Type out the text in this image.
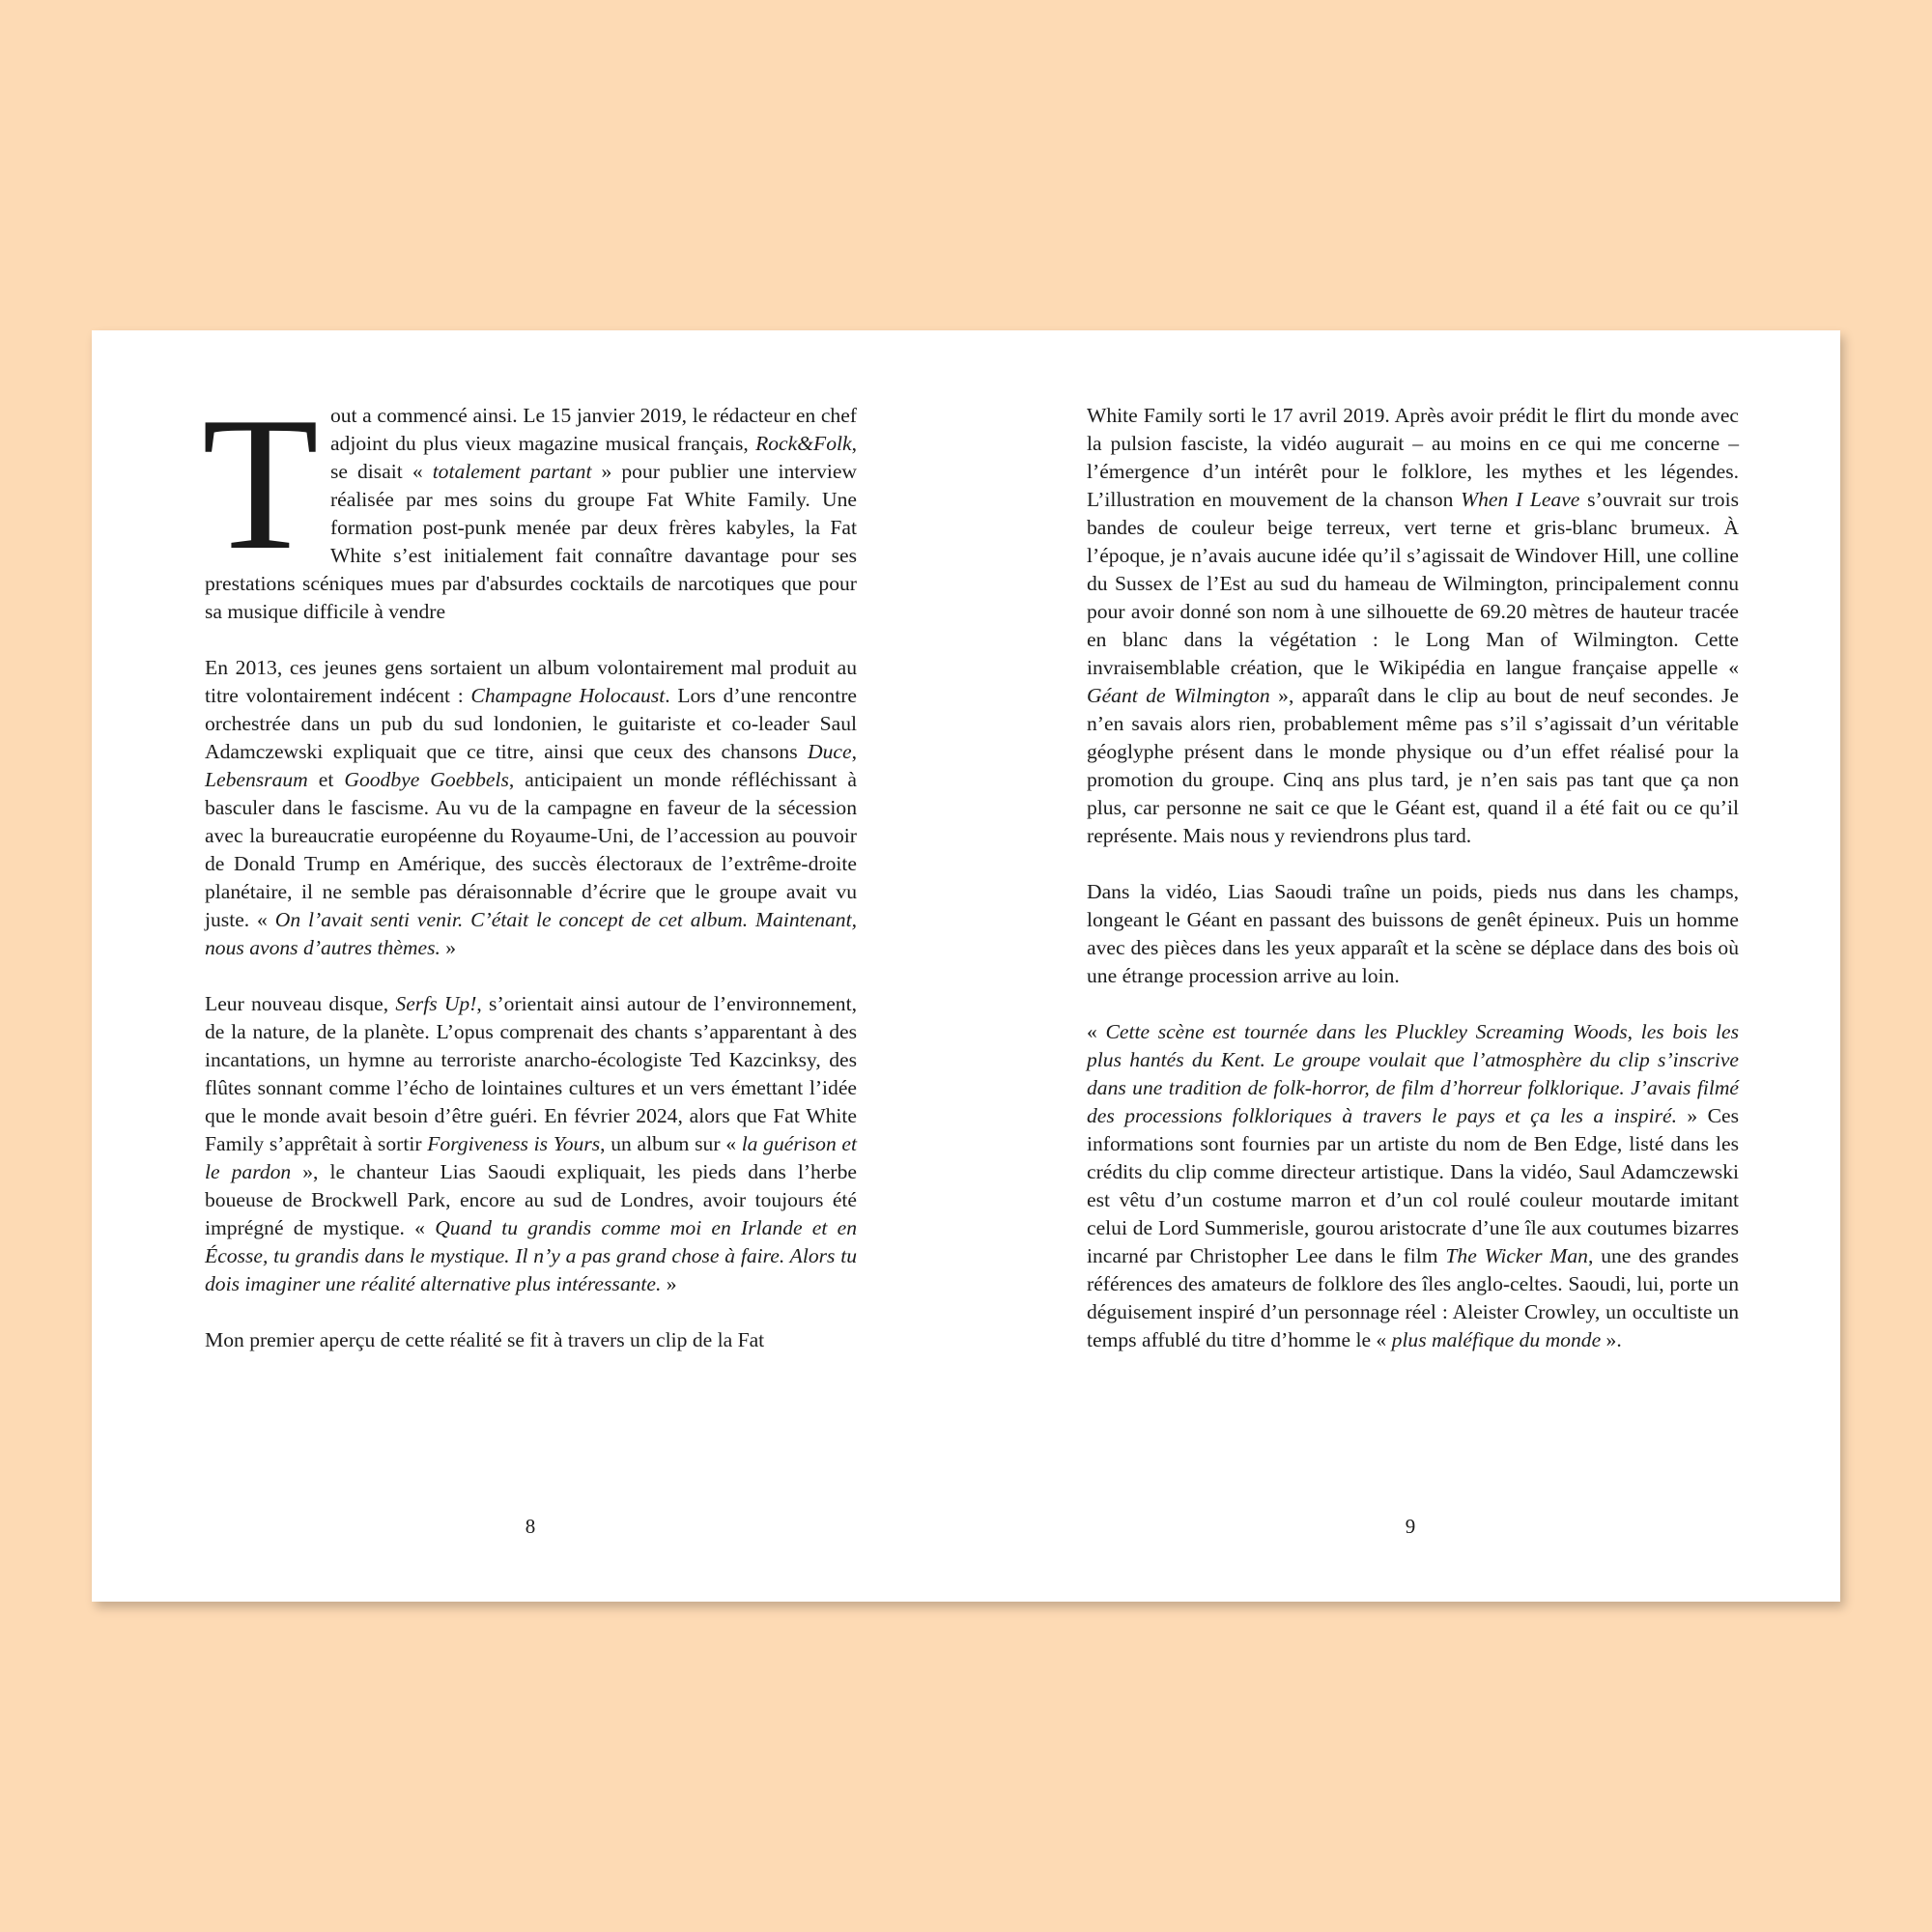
T out a commencé ainsi. Le 15 janvier 2019, le rédacteur en chef adjoint du plus vieux magazine musical français, Rock&Folk, se disait « totalement partant » pour publier une interview réalisée par mes soins du groupe Fat White Family. Une formation post-punk menée par deux frères kabyles, la Fat White s’est initialement fait connaître davantage pour ses prestations scéniques mues par d'absurdes cocktails de narcotiques que pour sa musique difficile à vendre

En 2013, ces jeunes gens sortaient un album volontairement mal produit au titre volontairement indécent : Champagne Holocaust. Lors d’une rencontre orchestrée dans un pub du sud londonien, le guitariste et co-leader Saul Adamczewski expliquait que ce titre, ainsi que ceux des chansons Duce, Lebensraum et Goodbye Goebbels, anticipaient un monde réfléchissant à basculer dans le fascisme. Au vu de la campagne en faveur de la sécession avec la bureaucratie européenne du Royaume-Uni, de l’accession au pouvoir de Donald Trump en Amérique, des succès électoraux de l’extrême-droite planétaire, il ne semble pas déraisonnable d’écrire que le groupe avait vu juste. « On l’avait senti venir. C’était le concept de cet album. Maintenant, nous avons d’autres thèmes. »

Leur nouveau disque, Serfs Up!, s’orientait ainsi autour de l’environnement, de la nature, de la planète. L’opus comprenait des chants s’apparentant à des incantations, un hymne au terroriste anarcho-écologiste Ted Kazcinksy, des flûtes sonnant comme l’écho de lointaines cultures et un vers émettant l’idée que le monde avait besoin d’être guéri. En février 2024, alors que Fat White Family s’apprêtait à sortir Forgiveness is Yours, un album sur « la guérison et le pardon », le chanteur Lias Saoudi expliquait, les pieds dans l’herbe boueuse de Brockwell Park, encore au sud de Londres, avoir toujours été imprégné de mystique. « Quand tu grandis comme moi en Irlande et en Écosse, tu grandis dans le mystique. Il n’y a pas grand chose à faire. Alors tu dois imaginer une réalité alternative plus intéressante. »

Mon premier aperçu de cette réalité se fit à travers un clip de la Fat

8

White Family sorti le 17 avril 2019. Après avoir prédit le flirt du monde avec la pulsion fasciste, la vidéo augurait – au moins en ce qui me concerne – l’émergence d’un intérêt pour le folklore, les mythes et les légendes. L’illustration en mouvement de la chanson When I Leave s’ouvrait sur trois bandes de couleur beige terreux, vert terne et gris-blanc brumeux. À l’époque, je n’avais aucune idée qu’il s’agissait de Windover Hill, une colline du Sussex de l’Est au sud du hameau de Wilmington, principalement connu pour avoir donné son nom à une silhouette de 69.20 mètres de hauteur tracée en blanc dans la végétation : le Long Man of Wilmington. Cette invraisemblable création, que le Wikipédia en langue française appelle « Géant de Wilmington », apparaît dans le clip au bout de neuf secondes. Je n’en savais alors rien, probablement même pas s’il s’agissait d’un véritable géoglyphe présent dans le monde physique ou d’un effet réalisé pour la promotion du groupe. Cinq ans plus tard, je n’en sais pas tant que ça non plus, car personne ne sait ce que le Géant est, quand il a été fait ou ce qu’il représente. Mais nous y reviendrons plus tard.

Dans la vidéo, Lias Saoudi traîne un poids, pieds nus dans les champs, longeant le Géant en passant des buissons de genêt épineux. Puis un homme avec des pièces dans les yeux apparaît et la scène se déplace dans des bois où une étrange procession arrive au loin.

« Cette scène est tournée dans les Pluckley Screaming Woods, les bois les plus hantés du Kent. Le groupe voulait que l’atmosphère du clip s’inscrive dans une tradition de folk-horror, de film d’horreur folklorique. J’avais filmé des processions folkloriques à travers le pays et ça les a inspiré. » Ces informations sont fournies par un artiste du nom de Ben Edge, listé dans les crédits du clip comme directeur artistique. Dans la vidéo, Saul Adamczewski est vêtu d’un costume marron et d’un col roulé couleur moutarde imitant celui de Lord Summerisle, gourou aristocrate d’une île aux coutumes bizarres incarné par Christopher Lee dans le film The Wicker Man, une des grandes références des amateurs de folklore des îles anglo-celtes. Saoudi, lui, porte un déguisement inspiré d’un personnage réel : Aleister Crowley, un occultiste un temps affublé du titre d’homme le « plus maléfique du monde ».

9
